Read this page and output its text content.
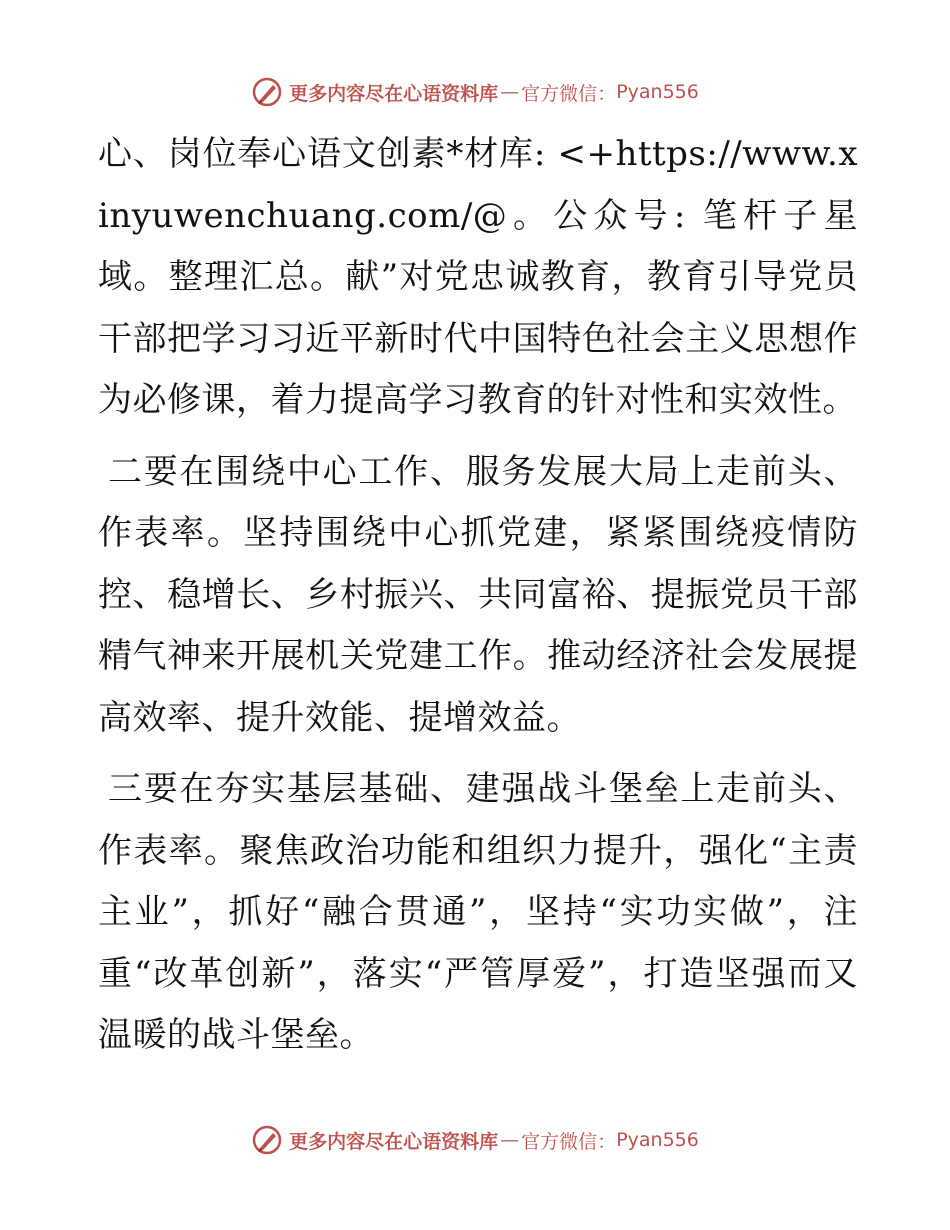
更多内容尽在心语资料库 — 官方微信： Pyan556

心、岗位奉心语文创素*材库: <+https://www.xinyuwenchuang.com/@。公众号: 笔杆子星域。整理汇总。献”对党忠诚教育，教育引导党员干部把学习习近平新时代中国特色社会主义思想作为必修课，着力提高学习教育的针对性和实效性。

二要在围绕中心工作、服务发展大局上走前头、作表率。坚持围绕中心抓党建，紧紧围绕疫情防控、稳增长、乡村振兴、共同富裕、提振党员干部精气神来开展机关党建工作。推动经济社会发展提高效率、提升效能、提增效益。

三要在夯实基层基础、建强战斗堡垒上走前头、作表率。聚焦政治功能和组织力提升，强化“主责主业”，抓好“融合贯通”，坚持“实功实做”，注重“改革创新”，落实“严管厚爱”，打造坚强而又温暖的战斗堡垒。

更多内容尽在心语资料库 — 官方微信： Pyan556
